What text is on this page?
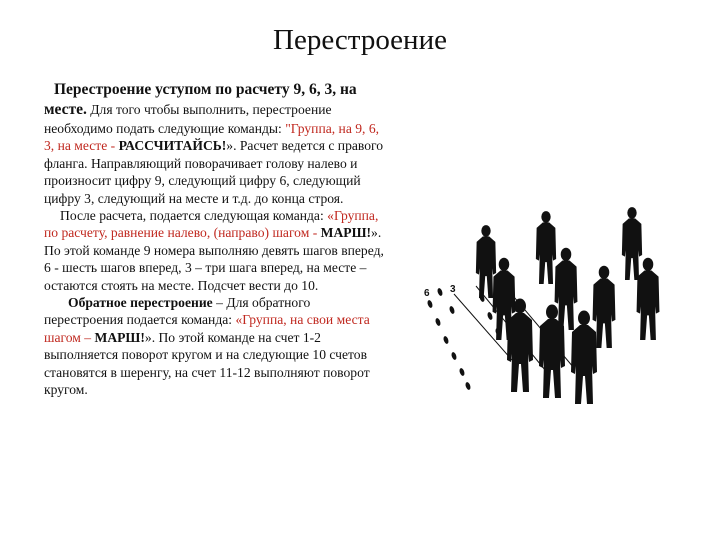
Перестроение

Перестроение уступом по расчету 9, 6, 3, на месте. Для того чтобы выполнить, перестроение необходимо подать следующие команды: "Группа, на 9, 6, 3, на месте - РАССЧИТАЙСЬ!». Расчет ведется с правого фланга. Направляющий поворачивает голову налево и произносит цифру 9, следующий цифру 6, следующий цифру 3, следующий на месте и т.д. до конца строя.

После расчета, подается следующая команда: «Группа, по расчету, равнение налево, (направо) шагом - МАРШ!». По этой команде 9 номера выполняю девять шагов вперед, 6 - шесть шагов вперед, 3 – три шага вперед, на месте – остаются стоять на месте. Подсчет вести до 10.

Обратное перестроение – Для обратного перестроения подается команда: «Группа, на свои места шагом – МАРШ!». По этой команде на счет 1-2 выполняется поворот кругом и на следующие 10 счетов становятся в шеренгу, на счет 11-12 выполняют поворот кругом.

6 3
